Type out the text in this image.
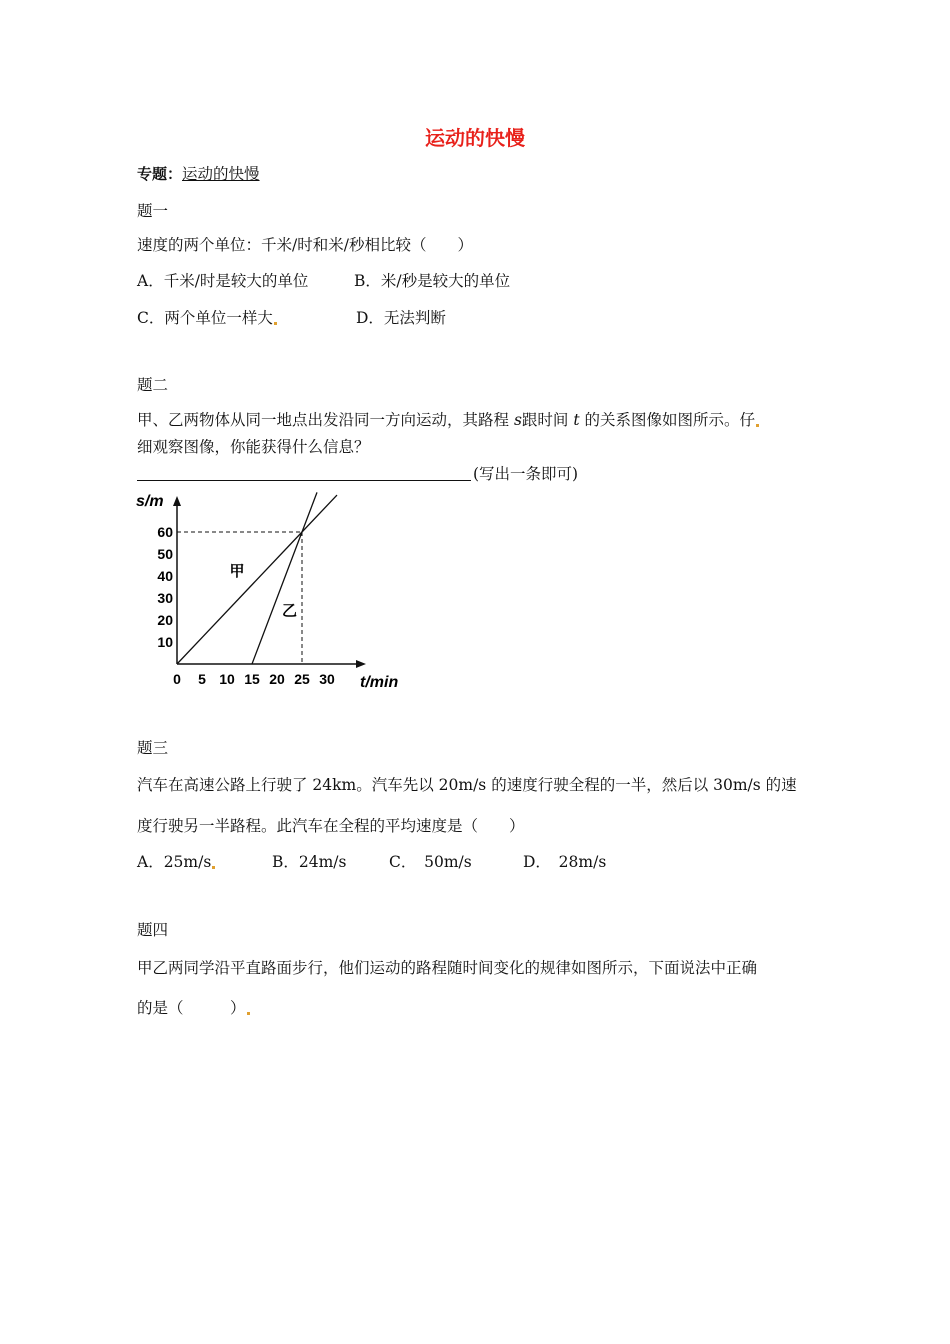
运动的快慢
专题：运动的快慢
题一
速度的两个单位：千米/时和米/秒相比较（　　）
A．千米/时是较大的单位	B．米/秒是较大的单位
C．两个单位一样大	D．无法判断
题二
甲、乙两物体从同一地点出发沿同一方向运动，其路程 s跟时间 t 的关系图像如图所示。仔
细观察图像，你能获得什么信息？
(写出一条即可)
s/m
t/min
0 5 10 15 20 25 30
10
20
30
40
50
60
甲
乙
题三
汽车在高速公路上行驶了 24km。汽车先以 20m/s 的速度行驶全程的一半，然后以 30m/s 的速
度行驶另一半路程。此汽车在全程的平均速度是（　　）
A．25m/s	B．24m/s	C．　50m/s	D．　28m/s
题四
甲乙两同学沿平直路面步行，他们运动的路程随时间变化的规律如图所示，下面说法中正确
的是（　　　）
